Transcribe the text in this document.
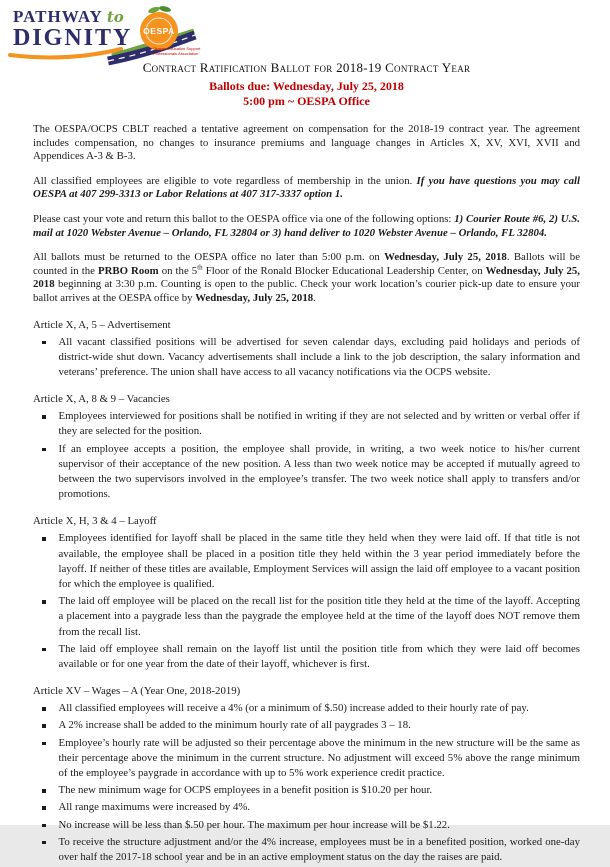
OESPA
Orange Education Support
Professionals Association
PATHWAY to
DIGNITY

Contract Ratification Ballot for 2018-19 Contract Year

Ballots due: Wednesday, July 25, 2018

5:00 pm ~ OESPA Office

The OESPA/OCPS CBLT reached a tentative agreement on compensation for the 2018-19 contract year. The agreement includes compensation, no changes to insurance premiums and language changes in Articles X, XV, XVI, XVII and Appendices A-3 & B-3.

All classified employees are eligible to vote regardless of membership in the union. If you have questions you may call OESPA at 407 299-3313 or Labor Relations at 407 317-3337 option 1.

Please cast your vote and return this ballot to the OESPA office via one of the following options: 1) Courier Route #6, 2) U.S. mail at 1020 Webster Avenue – Orlando, FL 32804 or 3) hand deliver to 1020 Webster Avenue – Orlando, FL 32804.

All ballots must be returned to the OESPA office no later than 5:00 p.m. on Wednesday, July 25, 2018. Ballots will be counted in the PRBO Room on the 5th Floor of the Ronald Blocker Educational Leadership Center, on Wednesday, July 25, 2018 beginning at 3:30 p.m. Counting is open to the public. Check your work location’s courier pick-up date to ensure your ballot arrives at the OESPA office by Wednesday, July 25, 2018.

Article X, A, 5 – Advertisement

All vacant classified positions will be advertised for seven calendar days, excluding paid holidays and periods of district-wide shut down. Vacancy advertisements shall include a link to the job description, the salary information and veterans’ preference. The union shall have access to all vacancy notifications via the OCPS website.

Article X, A, 8 & 9 – Vacancies

Employees interviewed for positions shall be notified in writing if they are not selected and by written or verbal offer if they are selected for the position.
If an employee accepts a position, the employee shall provide, in writing, a two week notice to his/her current supervisor of their acceptance of the new position. A less than two week notice may be accepted if mutually agreed to between the two supervisors involved in the employee’s transfer. The two week notice shall apply to transfers and/or promotions.

Article X, H, 3 & 4 – Layoff

Employees identified for layoff shall be placed in the same title they held when they were laid off. If that title is not available, the employee shall be placed in a position title they held within the 3 year period immediately before the layoff. If neither of these titles are available, Employment Services will assign the laid off employee to a vacant position for which the employee is qualified.
The laid off employee will be placed on the recall list for the position title they held at the time of the layoff. Accepting a placement into a paygrade less than the paygrade the employee held at the time of the layoff does NOT remove them from the recall list.
The laid off employee shall remain on the layoff list until the position title from which they were laid off becomes available or for one year from the date of their layoff, whichever is first.

Article XV – Wages – A (Year One, 2018-2019)

All classified employees will receive a 4% (or a minimum of $.50) increase added to their hourly rate of pay.
A 2% increase shall be added to the minimum hourly rate of all paygrades 3 – 18.
Employee’s hourly rate will be adjusted so their percentage above the minimum in the new structure will be the same as their percentage above the minimum in the current structure. No adjustment will exceed 5% above the range minimum of the employee’s paygrade in accordance with up to 5% work experience credit practice.
The new minimum wage for OCPS employees in a benefit position is $10.20 per hour.
All range maximums were increased by 4%.
No increase will be less than $.50 per hour. The maximum per hour increase will be $1.22.
To receive the structure adjustment and/or the 4% increase, employees must be in a benefited position, worked one-day over half the 2017-18 school year and be in an active employment status on the day the raises are paid.
